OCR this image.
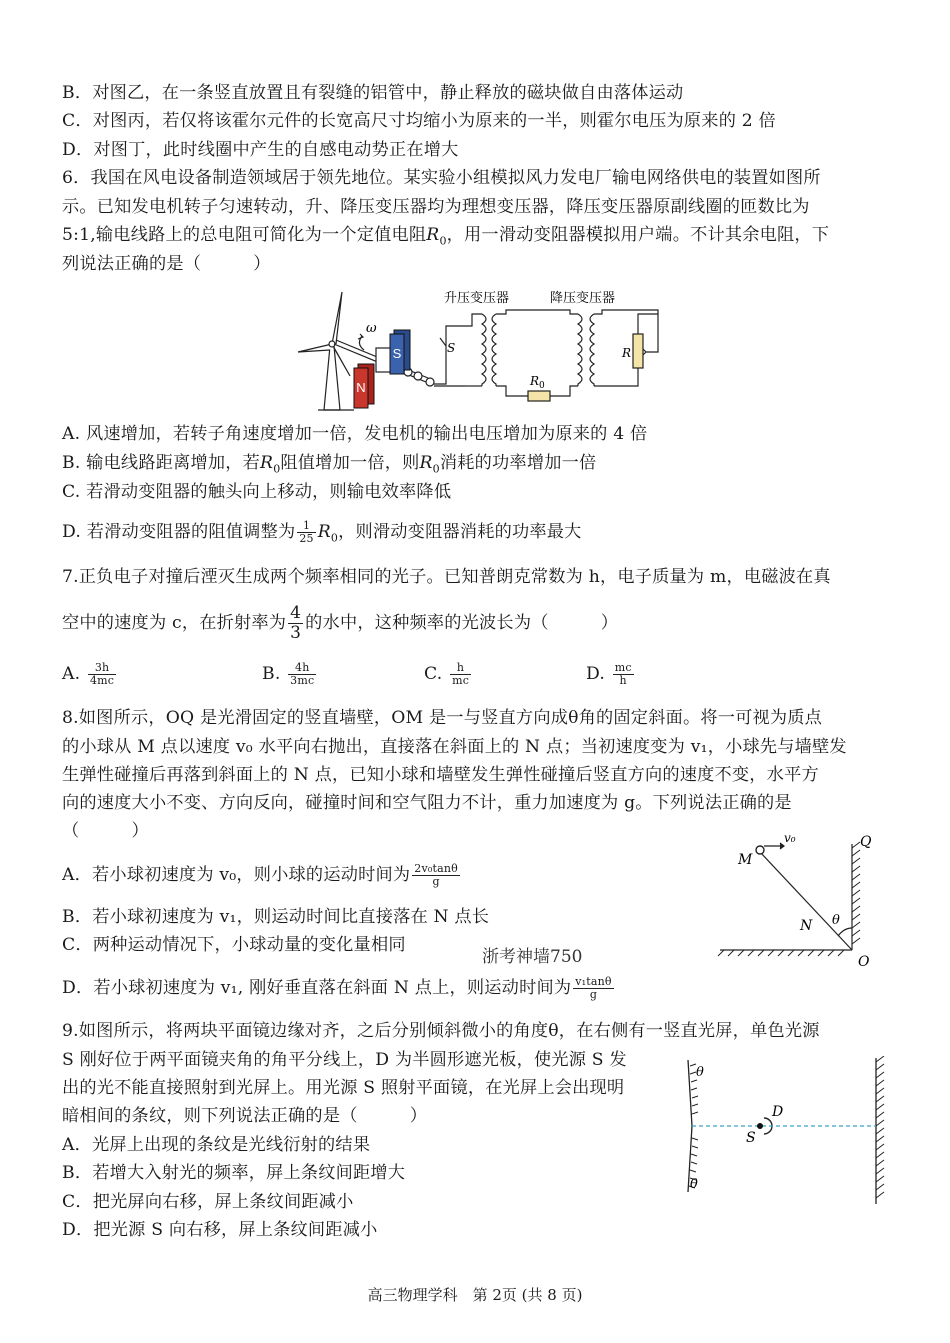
B．对图乙，在一条竖直放置且有裂缝的铝管中，静止释放的磁块做自由落体运动
C．对图丙，若仅将该霍尔元件的长宽高尺寸均缩小为原来的一半，则霍尔电压为原来的 2 倍
D．对图丁，此时线圈中产生的自感电动势正在增大
6．我国在风电设备制造领域居于领先地位。某实验小组模拟风力发电厂输电网络供电的装置如图所
示。已知发电机转子匀速转动，升、降压变压器均为理想变压器，降压变压器原副线圈的匝数比为
5:1,输电线路上的总电阻可简化为一个定值电阻$R_0$，用一滑动变阻器模拟用户端。不计其余电阻，下
列说法正确的是（　　　）
S
N
ω
S	R
$R_0$
升压变压器	降压变压器
A. 风速增加，若转子角速度增加一倍，发电机的输出电压增加为原来的 4 倍
B. 输电线路距离增加，若$R_0$阻值增加一倍，则$R_0$消耗的功率增加一倍
C. 若滑动变阻器的触头向上移动，则输电效率降低
D. 若滑动变阻器的阻值调整为 $\frac{1}{25} R_0$，则滑动变阻器消耗的功率最大
7.正负电子对撞后湮灭生成两个频率相同的光子。已知普朗克常数为 h，电子质量为 m，电磁波在真
空中的速度为 c，在折射率为 $\frac{4}{3}$ 的水中，这种频率的光波长为（　　　）
A. $\frac{3h}{4mc}$	B. $\frac{4h}{3mc}$	C. $\frac{h}{mc}$	D. $\frac{mc}{h}$
8.如图所示，OQ 是光滑固定的竖直墙壁，OM 是一与竖直方向成θ角的固定斜面。将一可视为质点
的小球从 M 点以速度 v₀ 水平向右抛出，直接落在斜面上的 N 点；当初速度变为 v₁，小球先与墙壁发
生弹性碰撞后再落到斜面上的 N 点，已知小球和墙壁发生弹性碰撞后竖直方向的速度不变，水平方
向的速度大小不变、方向反向，碰撞时间和空气阻力不计，重力加速度为 g。下列说法正确的是
（　　　）
A．若小球初速度为 v₀，则小球的运动时间为 $\frac{\text{2v₀tanθ}}{g}$
B．若小球初速度为 v₁，则运动时间比直接落在 N 点长
C．两种运动情况下，小球动量的变化量相同
浙考神墙750
D．若小球初速度为 v₁, 刚好垂直落在斜面 N 点上，则运动时间为 $\frac{\text{v₁tanθ}}{g}$
M
N θ
Q
O
v₀
9.如图所示，将两块平面镜边缘对齐，之后分别倾斜微小的角度θ，在右侧有一竖直光屏，单色光源
S 刚好位于两平面镜夹角的角平分线上，D 为半圆形遮光板，使光源 S 发
出的光不能直接照射到光屏上。用光源 S 照射平面镜，在光屏上会出现明
暗相间的条纹，则下列说法正确的是（　　　）
A．光屏上出现的条纹是光线衍射的结果
B．若增大入射光的频率，屏上条纹间距增大
C．把光屏向右移，屏上条纹间距减小
D．把光源 S 向右移，屏上条纹间距减小
θ
θ
S
D
高三物理学科　第 2页 (共 8 页)
